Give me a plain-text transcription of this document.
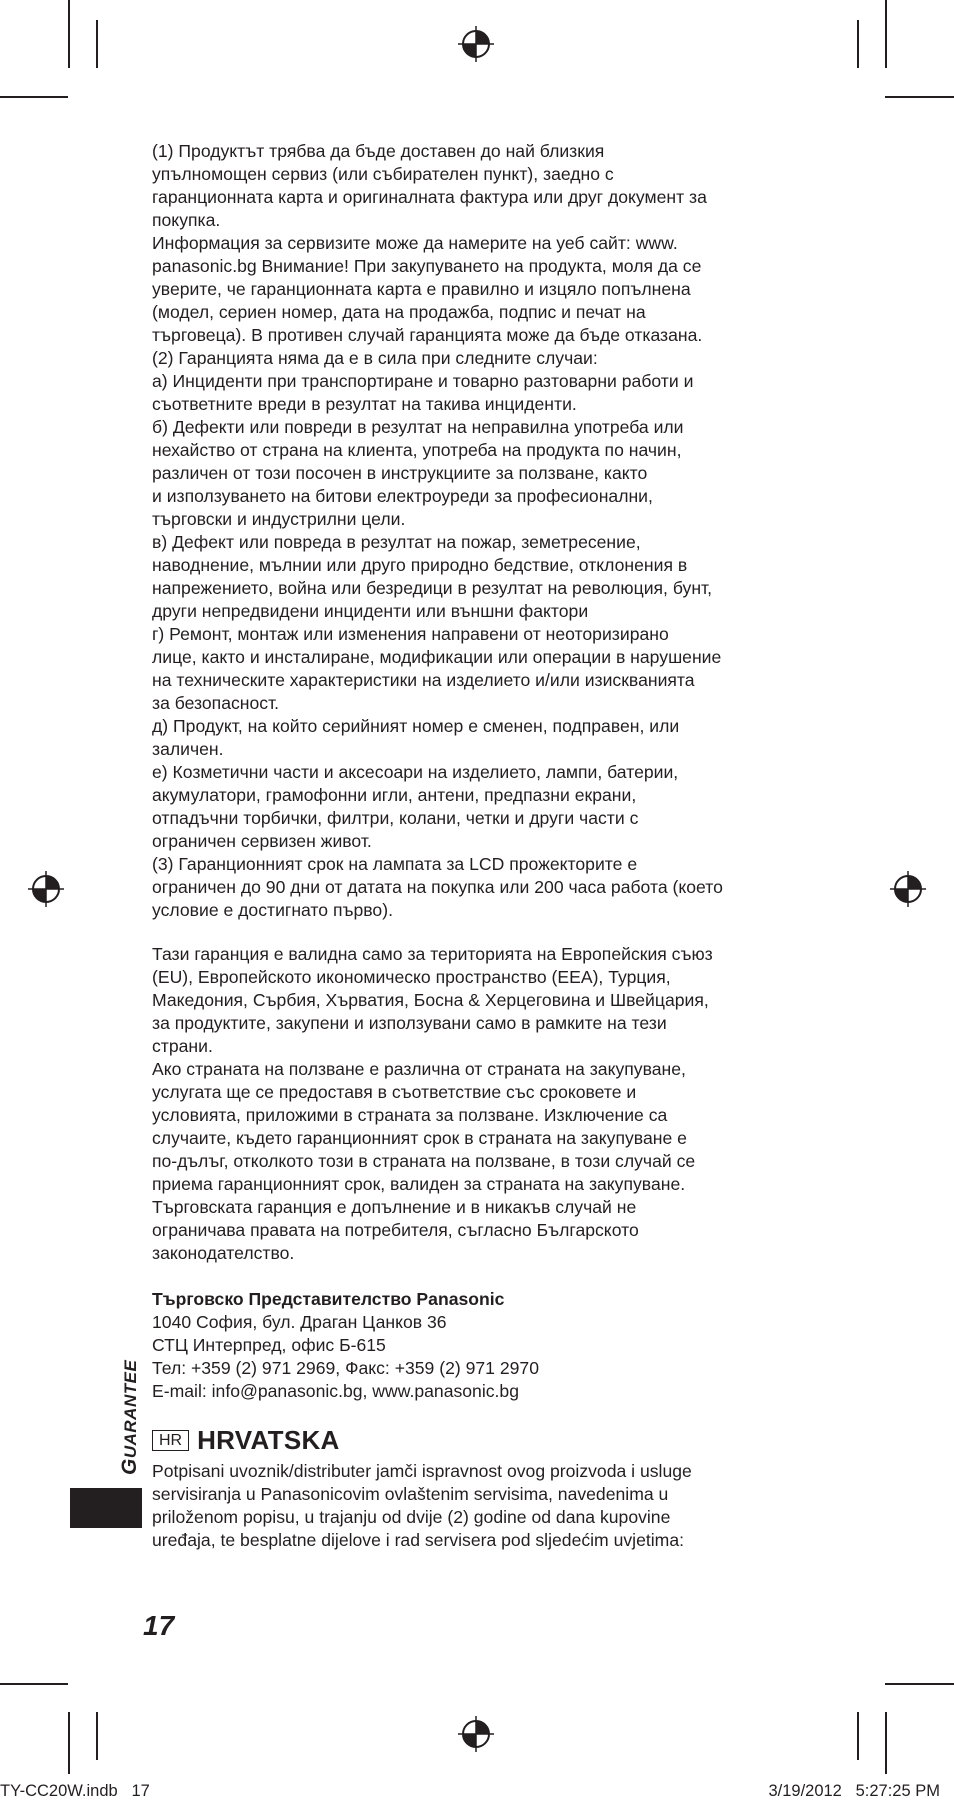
(1) Продуктът трябва да бъде доставен до най близкия
упълномощен сервиз (или събирателен пункт), заедно с
гаранционната карта и оригиналната фактура или друг документ за
покупка.

Информация за сервизите може да намерите на уеб сайт: www.
panasonic.bg Внимание! При закупуването на продукта, моля да се
уверите, че гаранционната карта е правилно и изцяло попълнена
(модел, сериен номер, дата на продажба, подпис и печат на
търговеца). В противен случай гаранцията може да бъде отказана.

(2) Гаранцията няма да е в сила при следните случаи:

а) Инциденти при транспортиране и товарно разтоварни работи и
съответните вреди в резултат на такива инциденти.

б) Дефекти или повреди в резултат на неправилна употреба или
нехайство от страна на клиента, употреба на продукта по начин,
различен от този посочен в инструкциите за ползване, както
и използуването на битови електроуреди за професионални,
търговски и индустрилни цели.

в) Дефект или повреда в резултат на пожар, земетресение,
наводнение, мълнии или друго природно бедствие, отклонения в
напрежението, война или безредици в резултат на революция, бунт,
други непредвидени инциденти или външни фактори

г) Ремонт, монтаж или изменения направени от неоторизирано
лице, както и инсталиране, модификации или операции в нарушение
на техническите характеристики на изделието и/или изискванията
за безопасност.

д) Продукт, на който серийният номер е сменен, подправен, или
заличен.

е) Козметични части и аксесоари на изделието, лампи, батерии,
акумулатори, грамофонни игли, антени, предпазни екрани,
отпадъчни торбички, филтри, колани, четки и други части с
ограничен сервизен живот.

(3) Гаранционният срок на лампата за LCD прожекторите е
ограничен до 90 дни от датата на покупка или 200 часа работа (което
условие е достигнато първо).

Тази гаранция е валидна само за територията на Европейския съюз
(EU), Европейското икономическо пространство (EEA), Турция,
Македония, Сърбия, Хърватия, Босна & Херцеговина и Швейцария,
за продуктите, закупени и използувани само в рамките на тези
страни.

Ако страната на ползване е различна от страната на закупуване,
услугата ще се предоставя в съответствие със сроковете и
условията, приложими в страната за ползване. Изключение са
случаите, където гаранционният срок в страната на закупуване е
по-дълъг, отколкото този в страната на ползване, в този случай се
приема гаранционният срок, валиден за страната на закупуване.

Търговската гаранция е допълнение и в никакъв случай не
ограничава правата на потребителя, съгласно Българското
законодателство.

Търговско Представителство Panasonic

1040 София, бул. Драган Цанков 36

СТЦ Интерпред, офис Б-615

Тел: +359 (2) 971 2969, Факс: +359 (2) 971 2970

E-mail: info@panasonic.bg, www.panasonic.bg

HR HRVATSKA

Potpisani uvoznik/distributer jamči ispravnost ovog proizvoda i usluge
servisiranja u Panasonicovim ovlaštenim servisima, navedenima u
priloženom popisu, u trajanju od dvije (2) godine od dana kupovine
uređaja, te besplatne dijelove i rad servisera pod sljedećim uvjetima:

GUARANTEE
17
TY-CC20W.indb   17	3/19/2012   5:27:25 PM
